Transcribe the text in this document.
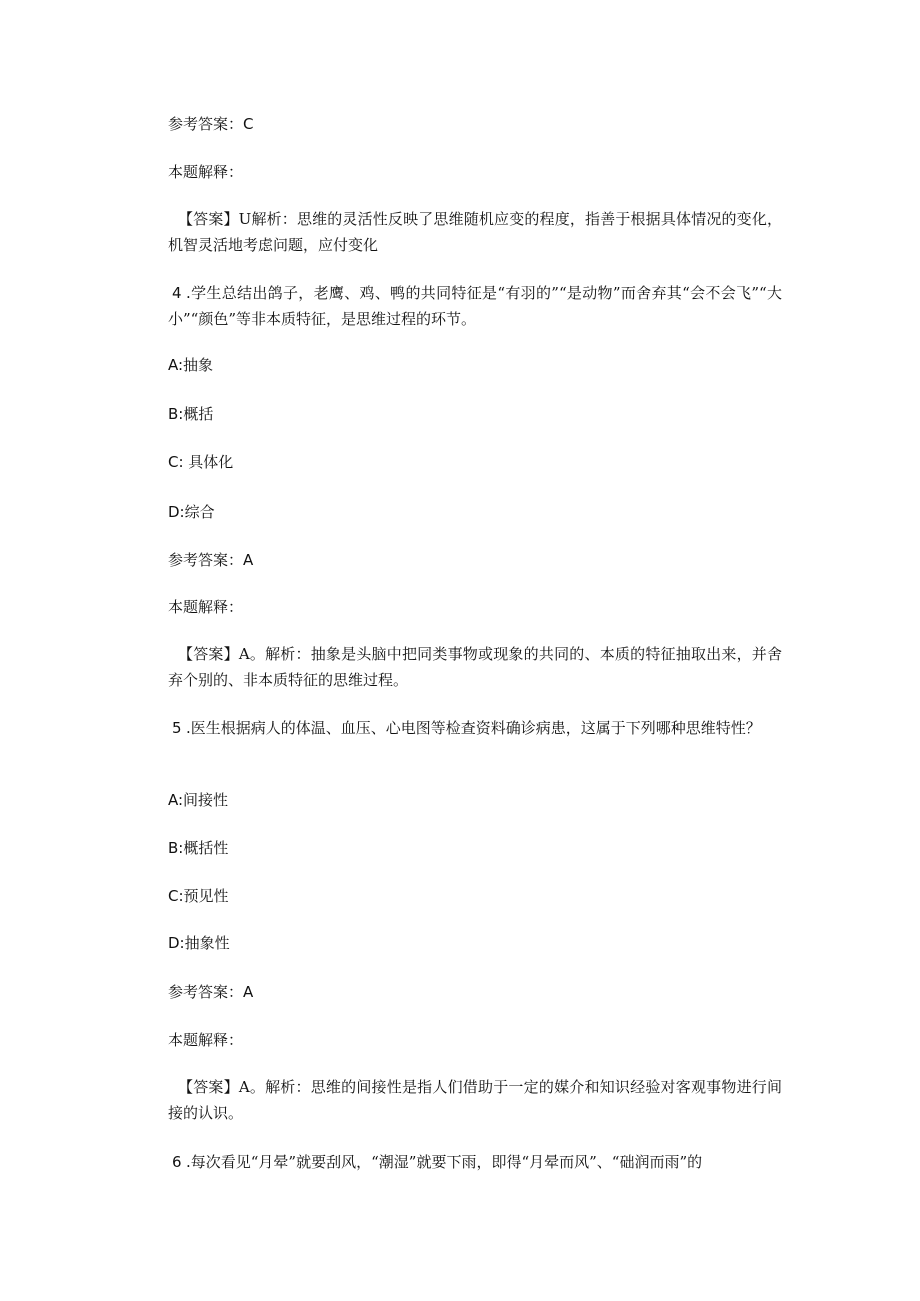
参考答案：C
本题解释：
【答案】U解析：思维的灵活性反映了思维随机应变的程度，指善于根据具体情况的变化，机智灵活地考虑问题，应付变化
4 .学生总结出鸽子，老鹰、鸡、鸭的共同特征是“有羽的”“是动物”而舍弃其“会不会飞”“大小”“颜色”等非本质特征，是思维过程的环节。
A:抽象
B:概括
C: 具体化
D:综合
参考答案：A
本题解释：
【答案】A。解析：抽象是头脑中把同类事物或现象的共同的、本质的特征抽取出来，并舍弃个别的、非本质特征的思维过程。
5 .医生根据病人的体温、血压、心电图等检查资料确诊病患，这属于下列哪种思维特性？
A:间接性
B:概括性
C:预见性
D:抽象性
参考答案：A
本题解释：
【答案】A。解析：思维的间接性是指人们借助于一定的媒介和知识经验对客观事物进行间接的认识。
6 .每次看见“月晕”就要刮风，“潮湿”就要下雨，即得“月晕而风”、“础润而雨”的
